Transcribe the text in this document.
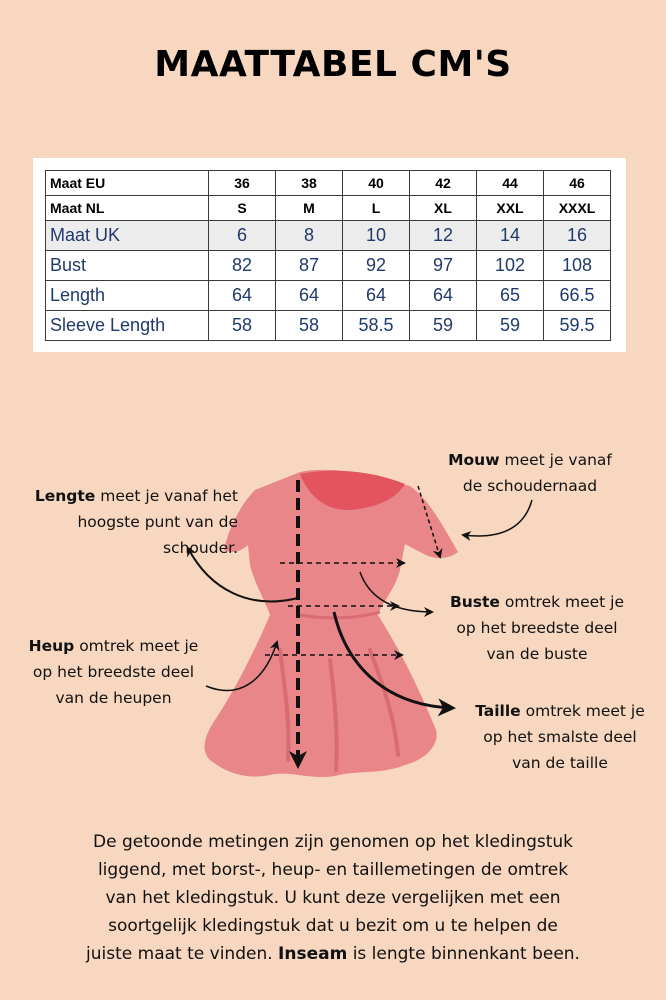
MAATTABEL CM'S
Maat EU	36	38	40	42	44	46
Maat NL	S	M	L	XL	XXL	XXXL
Maat UK	6	8	10	12	14	16
Bust	82	87	92	97	102	108
Length	64	64	64	64	65	66.5
Sleeve Length	58	58	58.5	59	59	59.5
Lengte meet je vanaf het
hoogste punt van de
schouder.
Mouw meet je vanaf
de schoudernaad
Buste omtrek meet je
op het breedste deel
van de buste
Heup omtrek meet je
op het breedste deel
van de heupen
Taille omtrek meet je
op het smalste deel
van de taille
De getoonde metingen zijn genomen op het kledingstuk
liggend, met borst-, heup- en taillemetingen de omtrek
van het kledingstuk. U kunt deze vergelijken met een
soortgelijk kledingstuk dat u bezit om u te helpen de
juiste maat te vinden. Inseam is lengte binnenkant been.
